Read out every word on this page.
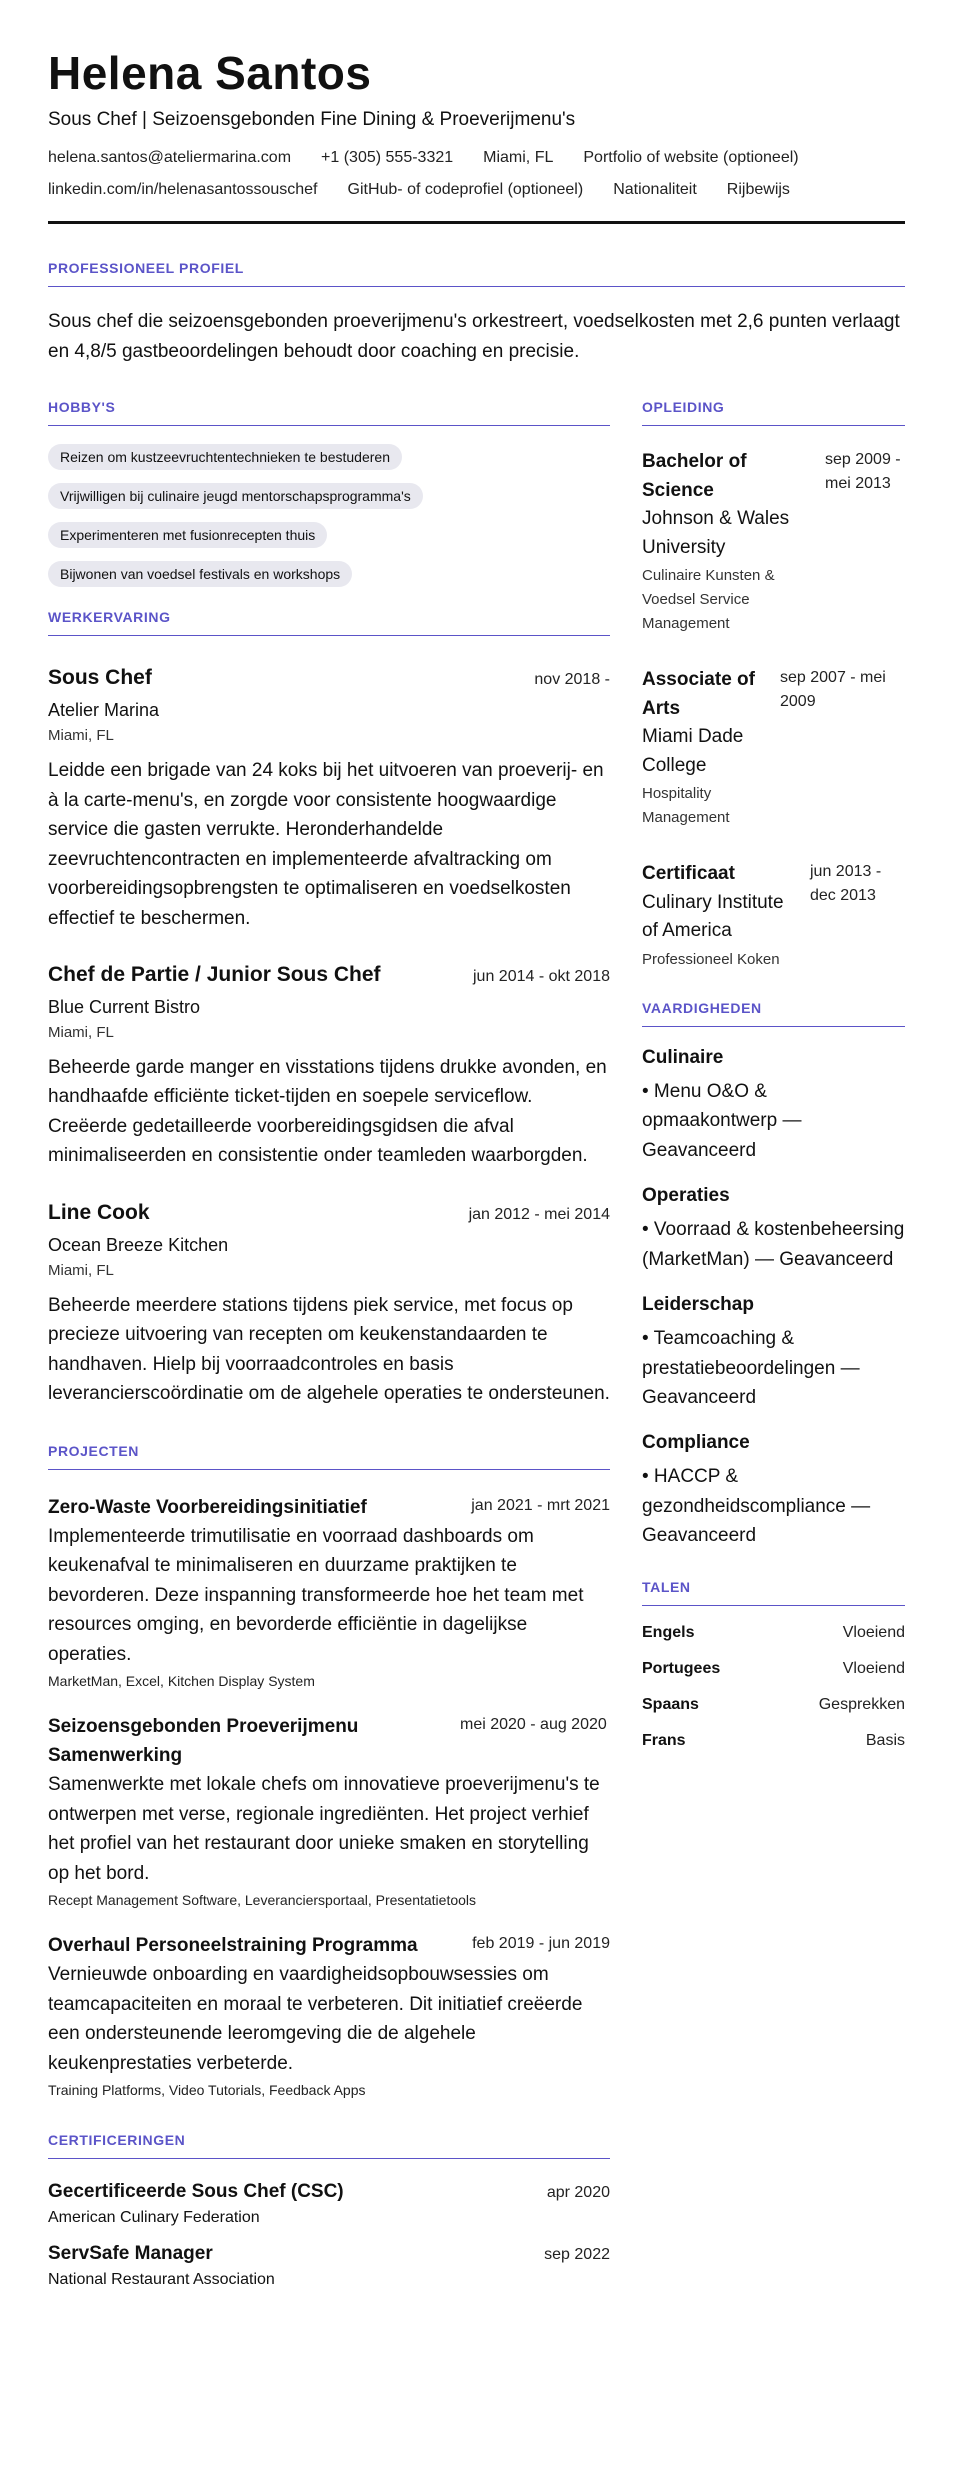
Helena Santos
Sous Chef | Seizoensgebonden Fine Dining & Proeverijmenu's
helena.santos@ateliermarina.com +1 (305) 555-3321 Miami, FL Portfolio of website (optioneel)
linkedin.com/in/helenasantossouschef GitHub- of codeprofiel (optioneel) Nationaliteit Rijbewijs
PROFESSIONEEL PROFIEL

Sous chef die seizoensgebonden proeverijmenu's orkestreert, voedselkosten met 2,6 punten verlaagt en 4,8/5 gastbeoordelingen behoudt door coaching en precisie.

HOBBY'S
Reizen om kustzeevruchtentechnieken te bestuderen
Vrijwilligen bij culinaire jeugd mentorschapsprogramma's
Experimenteren met fusionrecepten thuis
Bijwonen van voedsel festivals en workshops
WERKERVARING
Sous Chef	nov 2018 -
Atelier Marina
Miami, FL

Leidde een brigade van 24 koks bij het uitvoeren van proeverij- en à la carte-menu's, en zorgde voor consistente hoogwaardige service die gasten verrukte. Heronderhandelde zeevruchtencontracten en implementeerde afvaltracking om voorbereidingsopbrengsten te optimaliseren en voedselkosten effectief te beschermen.

Chef de Partie / Junior Sous Chef	jun 2014 - okt 2018
Blue Current Bistro
Miami, FL

Beheerde garde manger en visstations tijdens drukke avonden, en handhaafde efficiënte ticket-tijden en soepele serviceflow. Creëerde gedetailleerde voorbereidingsgidsen die afval minimaliseerden en consistentie onder teamleden waarborgden.

Line Cook	jan 2012 - mei 2014
Ocean Breeze Kitchen
Miami, FL

Beheerde meerdere stations tijdens piek service, met focus op precieze uitvoering van recepten om keukenstandaarden te handhaven. Hielp bij voorraadcontroles en basis leverancierscoördinatie om de algehele operaties te ondersteunen.

PROJECTEN
Zero-Waste Voorbereidingsinitiatief	jan 2021 - mrt 2021

Implementeerde trimutilisatie en voorraad dashboards om keukenafval te minimaliseren en duurzame praktijken te bevorderen. Deze inspanning transformeerde hoe het team met resources omging, en bevorderde efficiëntie in dagelijkse operaties.

MarketMan, Excel, Kitchen Display System
Seizoensgebonden Proeverijmenu Samenwerking
mei 2020 - aug 2020

Samenwerkte met lokale chefs om innovatieve proeverijmenu's te ontwerpen met verse, regionale ingrediënten. Het project verhief het profiel van het restaurant door unieke smaken en storytelling op het bord.

Recept Management Software, Leveranciersportaal, Presentatietools
Overhaul Personeelstraining Programma	feb 2019 - jun 2019

Vernieuwde onboarding en vaardigheidsopbouwsessies om teamcapaciteiten en moraal te verbeteren. Dit initiatief creëerde een ondersteunende leeromgeving die de algehele keukenprestaties verbeterde.

Training Platforms, Video Tutorials, Feedback Apps
CERTIFICERINGEN
Gecertificeerde Sous Chef (CSC)	apr 2020
American Culinary Federation
ServSafe Manager	sep 2022
National Restaurant Association
OPLEIDING
Bachelor of Science
Johnson & Wales University
sep 2009 - mei 2013
Culinaire Kunsten & Voedsel Service Management
Associate of Arts
Miami Dade College
sep 2007 - mei 2009
Hospitality Management
Certificaat
Culinary Institute of America
jun 2013 - dec 2013
Professioneel Koken
VAARDIGHEDEN
Culinaire
• Menu O&O & opmaakontwerp — Geavanceerd
Operaties
• Voorraad & kostenbeheersing (MarketMan) — Geavanceerd
Leiderschap
• Teamcoaching & prestatiebeoordelingen — Geavanceerd
Compliance
• HACCP & gezondheidscompliance — Geavanceerd
TALEN
Engels	Vloeiend
Portugees	Vloeiend
Spaans	Gesprekken
Frans	Basis
